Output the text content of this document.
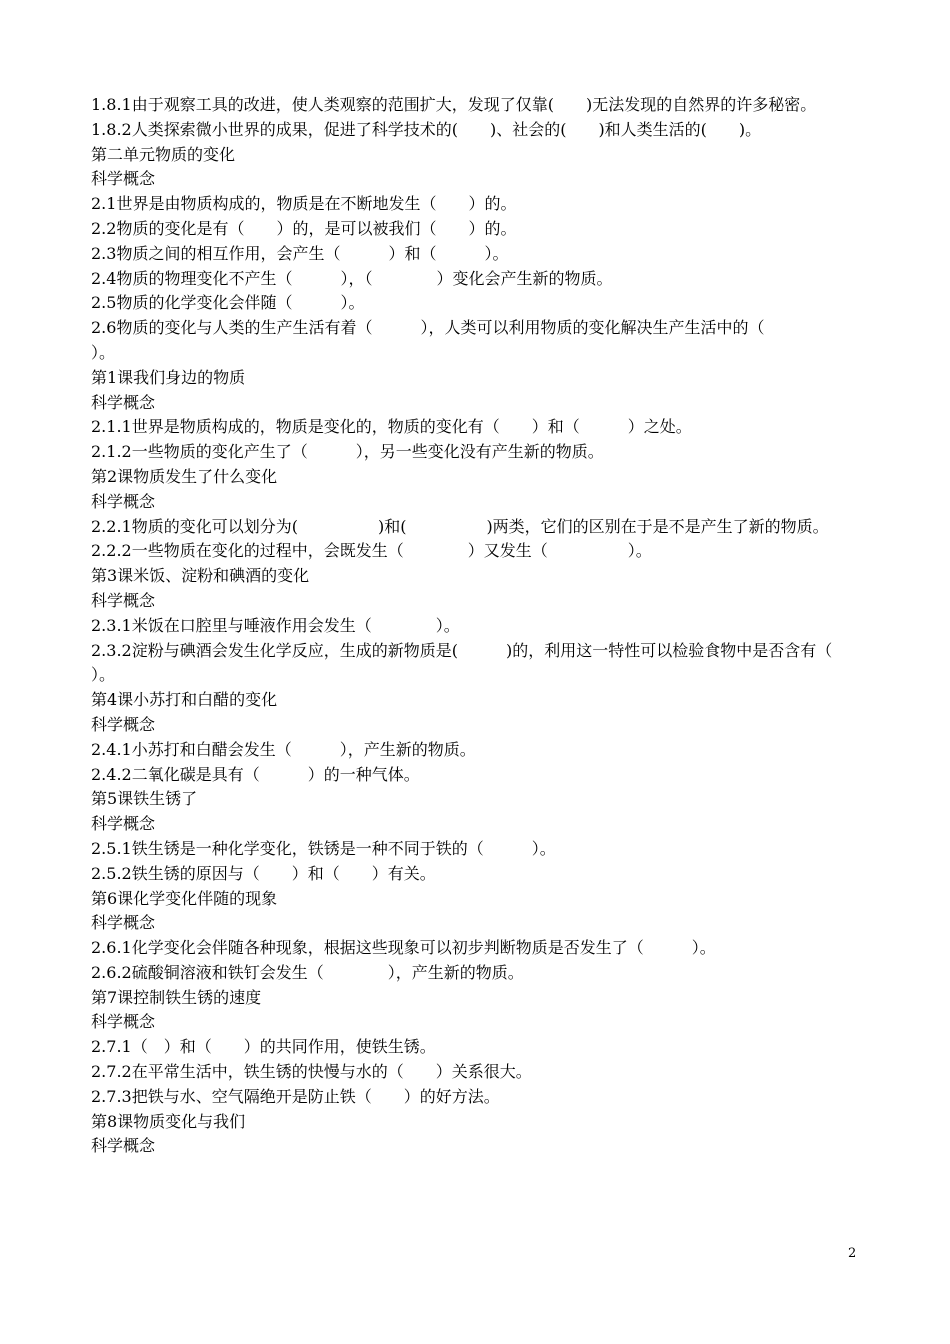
1.8.1由于观察工具的改进，使人类观察的范围扩大，发现了仅靠(　　)无法发现的自然界的许多秘密。
1.8.2人类探索微小世界的成果，促进了科学技术的(　　)、社会的(　　)和人类生活的(　　)。
第二单元物质的变化
科学概念
2.1世界是由物质构成的，物质是在不断地发生（　　）的。
2.2物质的变化是有（　　）的，是可以被我们（　　）的。
2.3物质之间的相互作用，会产生（　　　）和（　　　）。
2.4物质的物理变化不产生（　　　），（　　　　）变化会产生新的物质。
2.5物质的化学变化会伴随（　　　）。
2.6物质的变化与人类的生产生活有着（　　　），人类可以利用物质的变化解决生产生活中的（　　　　　）。
第1课我们身边的物质
科学概念
2.1.1世界是物质构成的，物质是变化的，物质的变化有（　　）和（　　　）之处。
2.1.2一些物质的变化产生了（　　　），另一些变化没有产生新的物质。
第2课物质发生了什么变化
科学概念
2.2.1物质的变化可以划分为(　　　　　)和(　　　　　)两类，它们的区别在于是不是产生了新的物质。
2.2.2一些物质在变化的过程中，会既发生（　　　　）又发生（　　　　　）。
第3课米饭、淀粉和碘酒的变化
科学概念
2.3.1米饭在口腔里与唾液作用会发生（　　　　）。
2.3.2淀粉与碘酒会发生化学反应，生成的新物质是(　　　)的，利用这一特性可以检验食物中是否含有（　　　）。
第4课小苏打和白醋的变化
科学概念
2.4.1小苏打和白醋会发生（　　　），产生新的物质。
2.4.2二氧化碳是具有（　　　）的一种气体。
第5课铁生锈了
科学概念
2.5.1铁生锈是一种化学变化，铁锈是一种不同于铁的（　　　）。
2.5.2铁生锈的原因与（　　）和（　　）有关。
第6课化学变化伴随的现象
科学概念
2.6.1化学变化会伴随各种现象，根据这些现象可以初步判断物质是否发生了（　　　）。
2.6.2硫酸铜溶液和铁钉会发生（　　　　），产生新的物质。
第7课控制铁生锈的速度
科学概念
2.7.1（　）和（　　）的共同作用，使铁生锈。
2.7.2在平常生活中，铁生锈的快慢与水的（　　）关系很大。
2.7.3把铁与水、空气隔绝开是防止铁（　　）的好方法。
第8课物质变化与我们
科学概念
2
